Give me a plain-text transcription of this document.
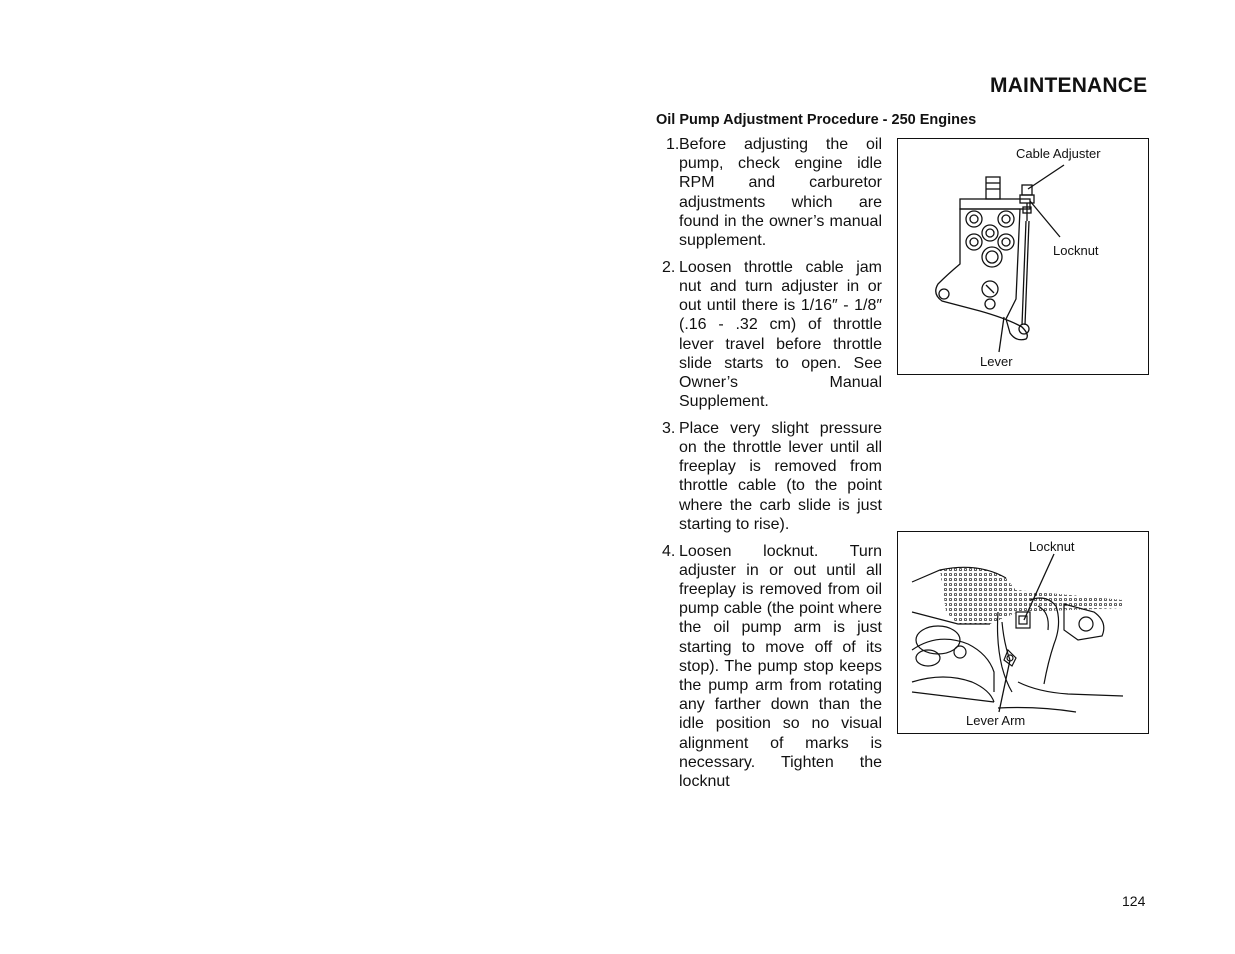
MAINTENANCE
Oil Pump Adjustment Procedure - 250 Engines
1. Before adjusting the oil pump, check engine idle RPM and carburetor adjustments which are found in the owner’s manual supplement.
2. Loosen throttle cable jam nut and turn adjuster in or out until there is 1/16″ - 1/8″ (.16 - .32 cm) of throttle lever travel before throttle slide starts to open. See Owner’s Manual Supplement.
3. Place very slight pressure on the throttle lever until all freeplay is removed from throttle cable (to the point where the carb slide is just starting to rise).
4. Loosen locknut. Turn adjuster in or out until all freeplay is removed from oil pump cable (the point where the oil pump arm is just starting to move off of its stop). The pump stop keeps the pump arm from rotating any farther down than the idle position so no visual alignment of marks is necessary. Tighten the locknut
Cable Adjuster
Locknut
Lever
Locknut
Lever Arm
124
